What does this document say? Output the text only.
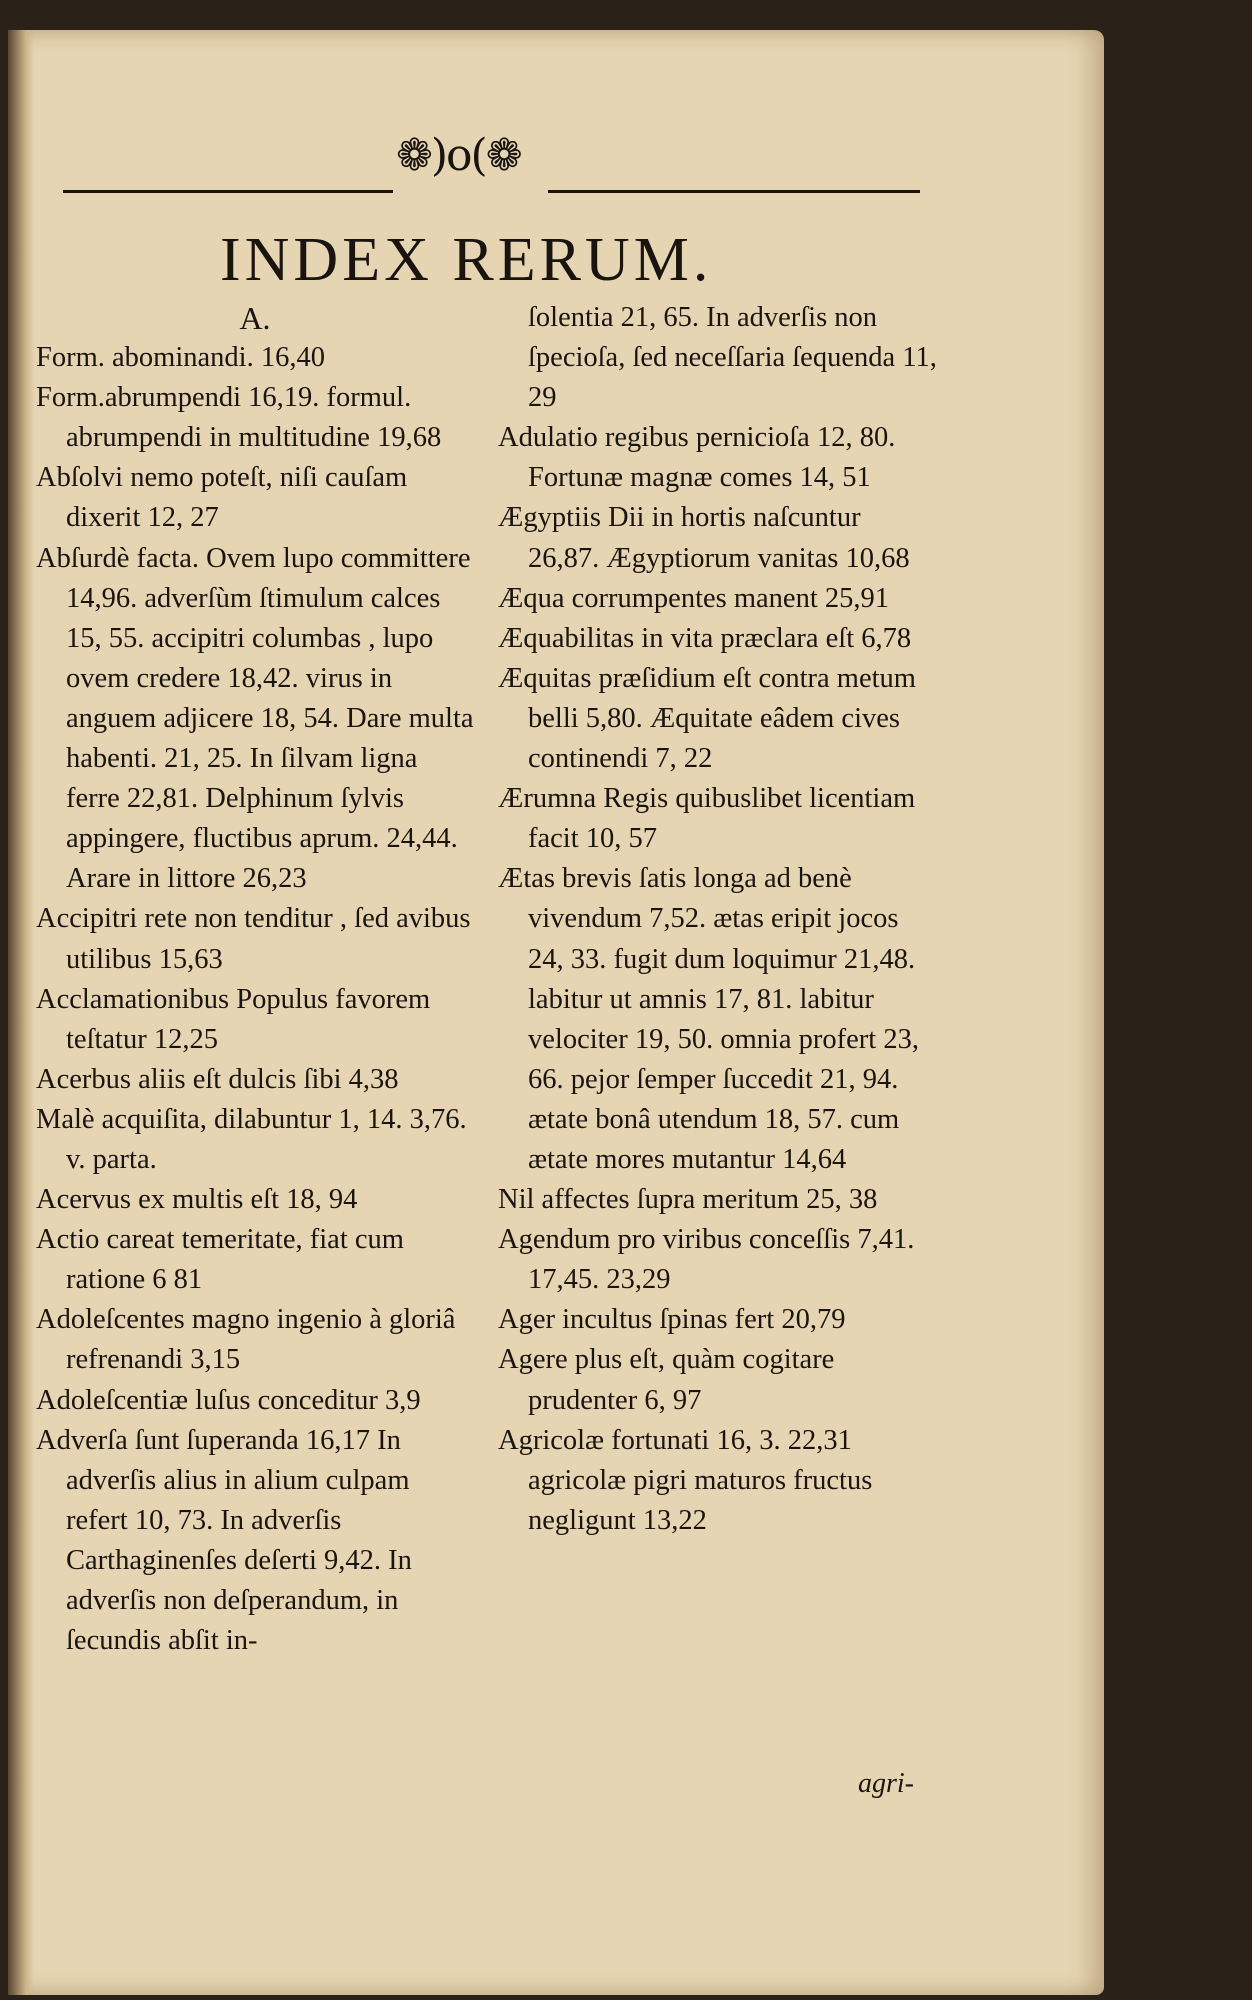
❁)o(❁
INDEX RERUM.
A.

Form. abominandi. 16,40

Form.abrumpendi 16,19. formul. abrumpendi in multitudine 19,68

Abſolvi nemo poteſt, niſi cauſam dixerit 12, 27

Abſurdè facta. Ovem lupo committere 14,96. adverſùm ſtimulum calces 15, 55. accipitri columbas , lupo ovem credere 18,42. virus in anguem adjicere 18, 54. Dare multa habenti. 21, 25. In ſilvam ligna ferre 22,81. Delphinum ſylvis appingere, fluctibus aprum. 24,44. Arare in littore 26,23

Accipitri rete non tenditur , ſed avibus utilibus 15,63

Acclamationibus Populus favorem teſtatur 12,25

Acerbus aliis eſt dulcis ſibi 4,38

Malè acquiſita, dilabuntur 1, 14. 3,76. v. parta.

Acervus ex multis eſt 18, 94

Actio careat temeritate, fiat cum ratione 6 81

Adoleſcentes magno ingenio à gloriâ refrenandi 3,15

Adoleſcentiæ luſus conceditur 3,9

Adverſa ſunt ſuperanda 16,17 In adverſis alius in alium culpam refert 10, 73. In adverſis Carthaginenſes deſerti 9,42. In adverſis non deſperandum, in ſecundis abſit in-

ſolentia 21, 65. In adverſis non ſpecioſa, ſed neceſſaria ſequenda 11, 29

Adulatio regibus pernicioſa 12, 80. Fortunæ magnæ comes 14, 51

Ægyptiis Dii in hortis naſcuntur 26,87. Ægyptiorum vanitas 10,68

Æqua corrumpentes manent 25,91

Æquabilitas in vita præclara eſt 6,78

Æquitas præſidium eſt contra metum belli 5,80. Æquitate eâdem cives continendi 7, 22

Ærumna Regis quibuslibet licentiam facit 10, 57

Ætas brevis ſatis longa ad benè vivendum 7,52. ætas eripit jocos 24, 33. fugit dum loquimur 21,48. labitur ut amnis 17, 81. labitur velociter 19, 50. omnia profert 23, 66. pejor ſemper ſuccedit 21, 94. ætate bonâ utendum 18, 57. cum ætate mores mutantur 14,64

Nil affectes ſupra meritum 25, 38

Agendum pro viribus conceſſis 7,41. 17,45. 23,29

Ager incultus ſpinas fert 20,79

Agere plus eſt, quàm cogitare prudenter 6, 97

Agricolæ fortunati 16, 3. 22,31 agricolæ pigri maturos fructus negligunt 13,22

agri-
